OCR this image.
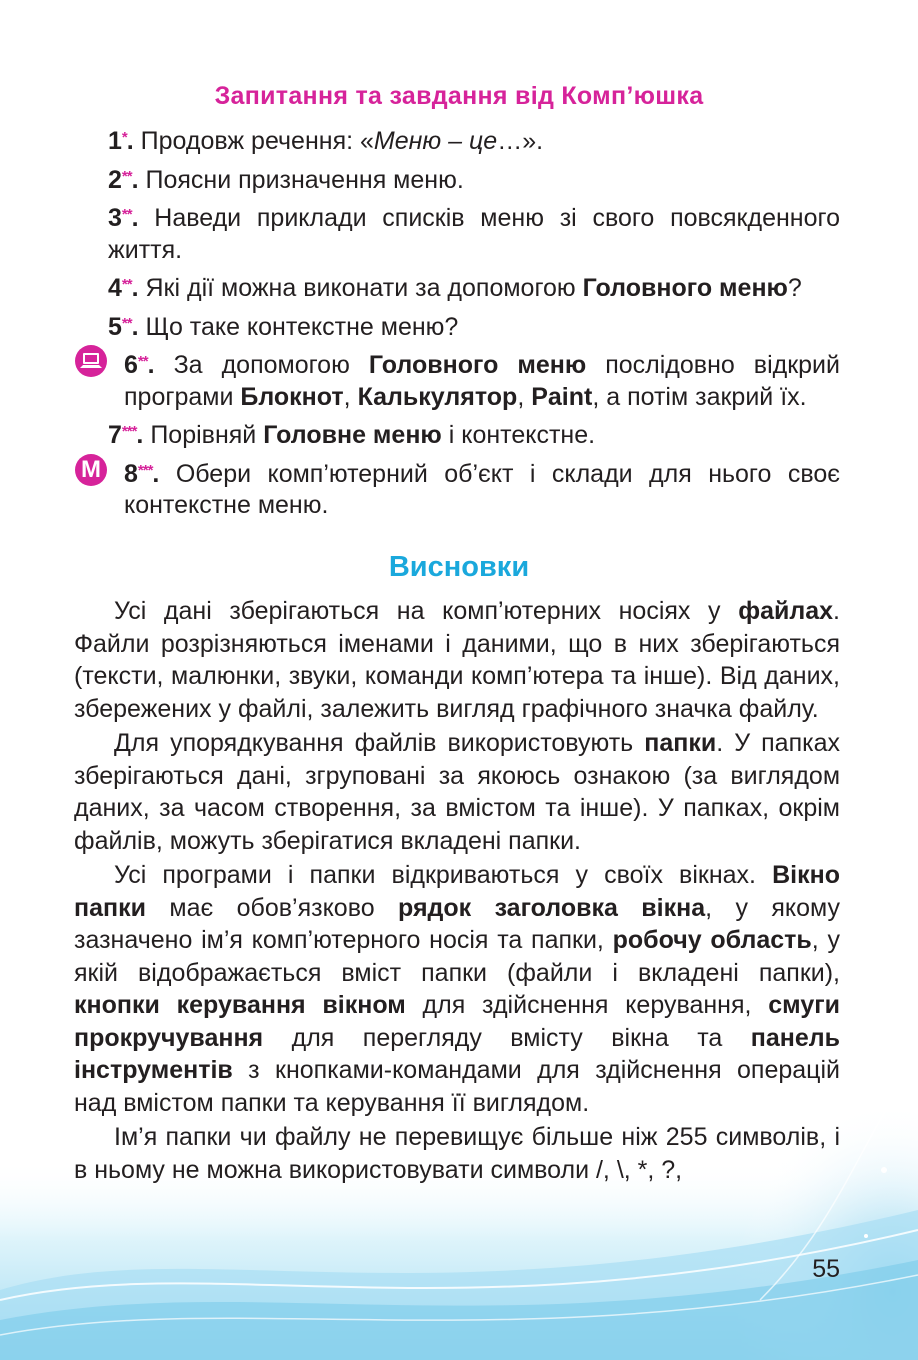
Запитання та завдання від Комп’юшка
1*. Продовж речення: «Меню – це…».
2**. Поясни призначення меню.
3**. Наведи приклади списків меню зі свого повсякденного життя.
4**. Які дії можна виконати за допомогою Головного меню?
5**. Що таке контекстне меню?
6**. За допомогою Головного меню послідовно відкрий програми Блокнот, Калькулятор, Paint, а потім закрий їх.
7***. Порівняй Головне меню і контекстне.
M 8***. Обери комп’ютерний об’єкт і склади для нього своє контекстне меню.
Висновки

Усі дані зберігаються на комп’ютерних носіях у файлах. Файли розрізняються іменами і даними, що в них зберігаються (тексти, малюнки, звуки, команди комп’ютера та інше). Від даних, збережених у файлі, залежить вигляд графічного значка файлу.

Для упорядкування файлів використовують папки. У папках зберігаються дані, згруповані за якоюсь ознакою (за виглядом даних, за часом створення, за вмістом та інше). У папках, окрім файлів, можуть зберігатися вкладені папки.

Усі програми і папки відкриваються у своїх вікнах. Вікно папки має обов’язково рядок заголовка вікна, у якому зазначено ім’я комп’ютерного носія та папки, робочу область, у якій відображається вміст папки (файли і вкладені папки), кнопки керування вікном для здійснення керування, смуги прокручування для перегляду вмісту вікна та панель інструментів з кнопками-командами для здійснення операцій над вмістом папки та керування її виглядом.

Ім’я папки чи файлу не перевищує більше ніж 255 символів, і в ньому не можна використовувати символи /, \, *, ?,

55
